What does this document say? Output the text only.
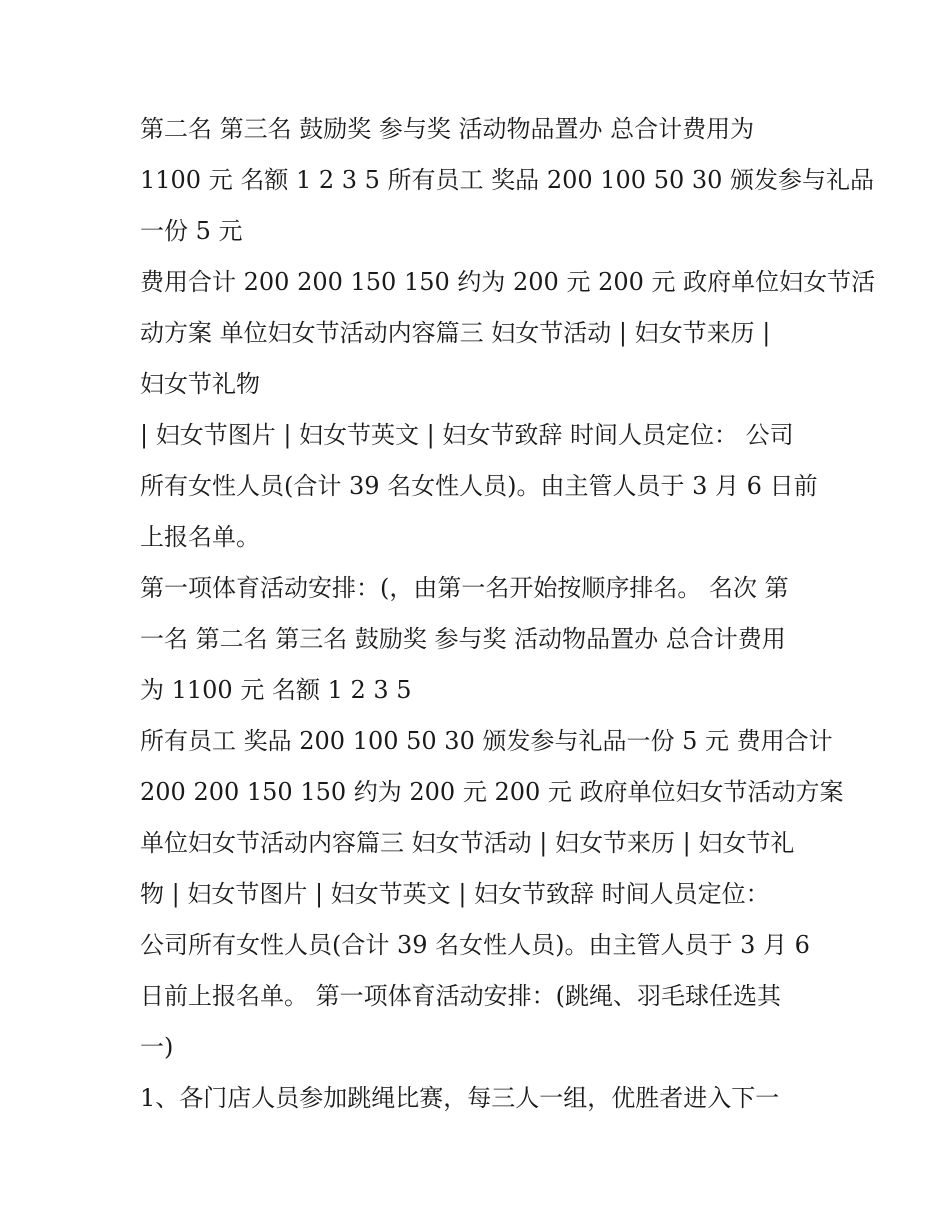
第二名 第三名 鼓励奖 参与奖 活动物品置办 总合计费用为
1100 元 名额 1 2 3 5 所有员工 奖品 200 100 50 30 颁发参与礼品
一份 5 元
费用合计 200 200 150 150 约为 200 元 200 元 政府单位妇女节活
动方案 单位妇女节活动内容篇三 妇女节活动 | 妇女节来历 |
妇女节礼物
| 妇女节图片 | 妇女节英文 | 妇女节致辞 时间人员定位： 公司
所有女性人员(合计 39 名女性人员)。由主管人员于 3 月 6 日前
上报名单。
第一项体育活动安排：(，由第一名开始按顺序排名。 名次 第
一名 第二名 第三名 鼓励奖 参与奖 活动物品置办 总合计费用
为 1100 元 名额 1 2 3 5
所有员工 奖品 200 100 50 30 颁发参与礼品一份 5 元 费用合计
200 200 150 150 约为 200 元 200 元 政府单位妇女节活动方案
单位妇女节活动内容篇三 妇女节活动 | 妇女节来历 | 妇女节礼
物 | 妇女节图片 | 妇女节英文 | 妇女节致辞 时间人员定位：
公司所有女性人员(合计 39 名女性人员)。由主管人员于 3 月 6
日前上报名单。 第一项体育活动安排：(跳绳、羽毛球任选其
一)
1、各门店人员参加跳绳比赛，每三人一组，优胜者进入下一
